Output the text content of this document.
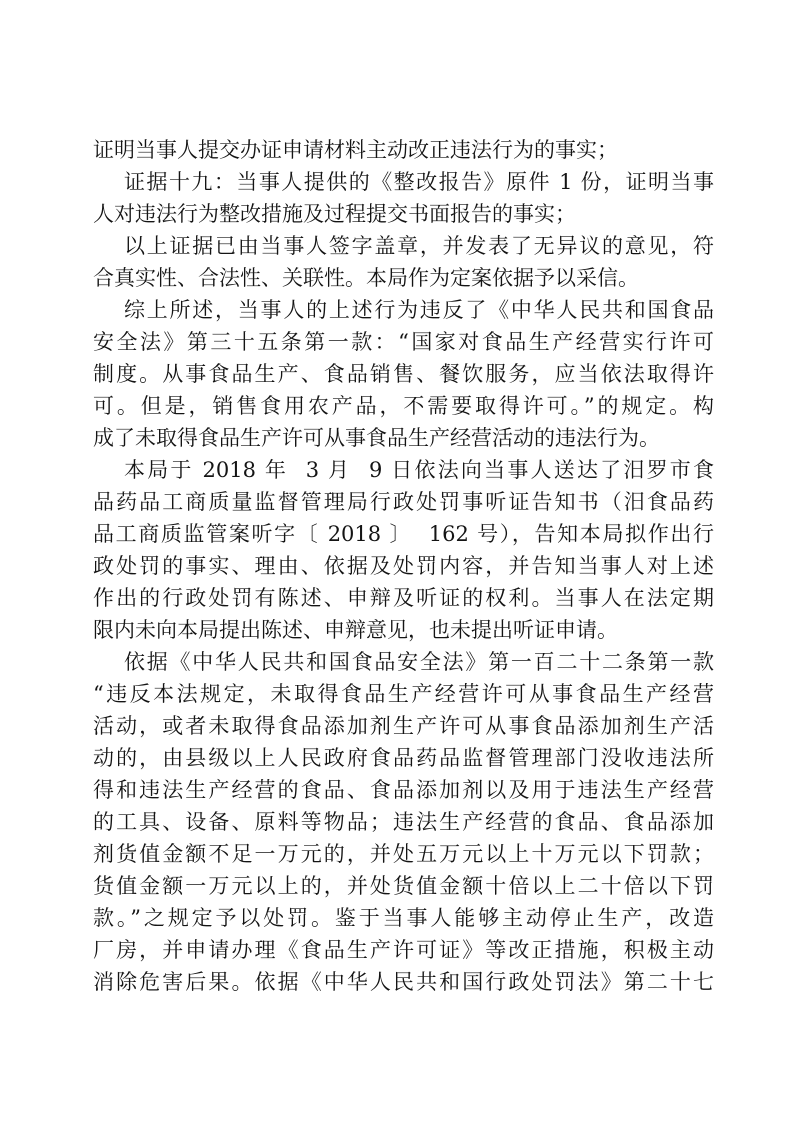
证明当事人提交办证申请材料主动改正违法行为的事实；
证据十九：当事人提供的《整改报告》原件 1 份，证明当事
人对违法行为整改措施及过程提交书面报告的事实；
以上证据已由当事人签字盖章，并发表了无异议的意见，符
合真实性、合法性、关联性。本局作为定案依据予以采信。
综上所述，当事人的上述行为违反了《中华人民共和国食品
安全法》第三十五条第一款：“国家对食品生产经营实行许可
制度。从事食品生产、食品销售、餐饮服务，应当依法取得许
可。但是，销售食用农产品，不需要取得许可。”的规定。构
成了未取得食品生产许可从事食品生产经营活动的违法行为。
本局于 2018 年  3 月  9 日依法向当事人送达了汨罗市食
品药品工商质量监督管理局行政处罚事听证告知书（汨食品药
品工商质监管案听字〔 2018 〕  162 号），告知本局拟作出行
政处罚的事实、理由、依据及处罚内容，并告知当事人对上述
作出的行政处罚有陈述、申辩及听证的权利。当事人在法定期
限内未向本局提出陈述、申辩意见，也未提出听证申请。
依据《中华人民共和国食品安全法》第一百二十二条第一款
“违反本法规定，未取得食品生产经营许可从事食品生产经营
活动，或者未取得食品添加剂生产许可从事食品添加剂生产活
动的，由县级以上人民政府食品药品监督管理部门没收违法所
得和违法生产经营的食品、食品添加剂以及用于违法生产经营
的工具、设备、原料等物品；违法生产经营的食品、食品添加
剂货值金额不足一万元的，并处五万元以上十万元以下罚款；
货值金额一万元以上的，并处货值金额十倍以上二十倍以下罚
款。”之规定予以处罚。鉴于当事人能够主动停止生产，改造
厂房，并申请办理《食品生产许可证》等改正措施，积极主动
消除危害后果。依据《中华人民共和国行政处罚法》第二十七
